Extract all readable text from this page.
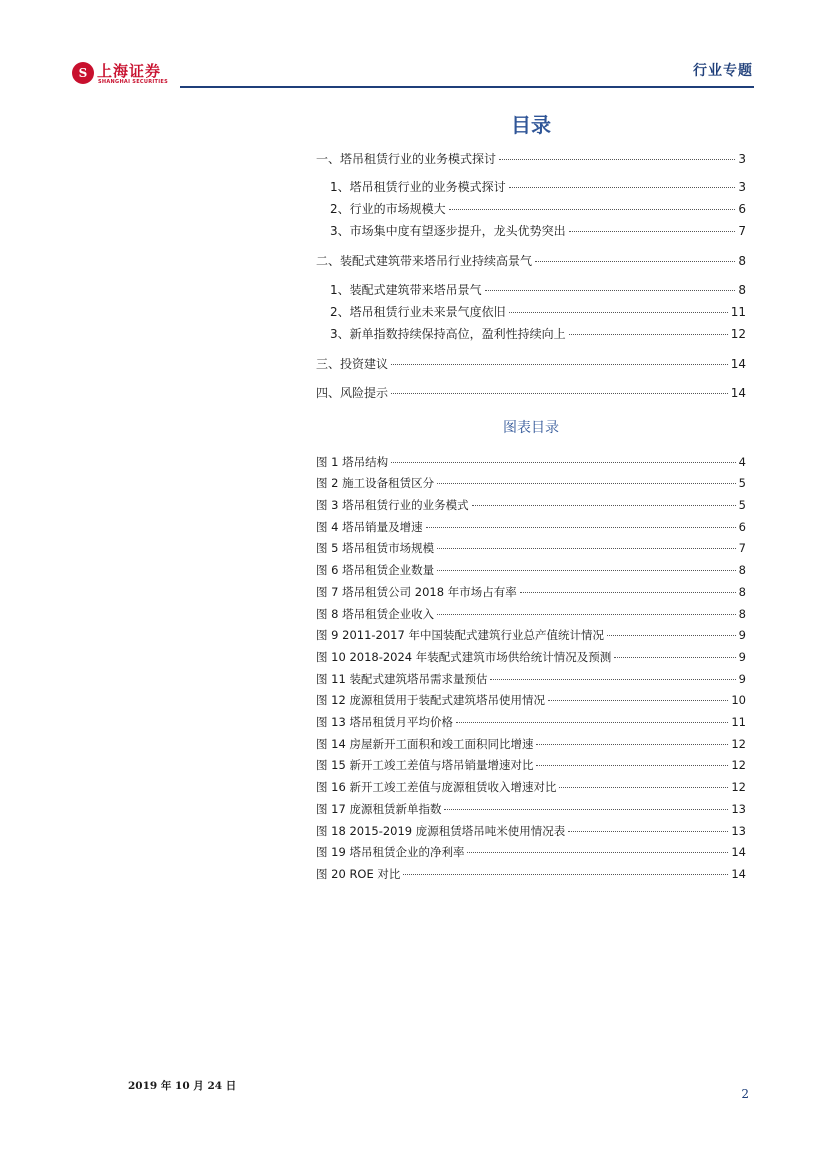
S 上海证券
SHANGHAI SECURITIES
行业专题
目录
一、塔吊租赁行业的业务模式探讨	3
1、塔吊租赁行业的业务模式探讨	3
2、行业的市场规模大	6
3、市场集中度有望逐步提升，龙头优势突出	7
二、装配式建筑带来塔吊行业持续高景气	8
1、装配式建筑带来塔吊景气	8
2、塔吊租赁行业未来景气度依旧	11
3、新单指数持续保持高位，盈利性持续向上	12
三、投资建议	14
四、风险提示	14
图表目录
图 1 塔吊结构	4
图 2 施工设备租赁区分	5
图 3 塔吊租赁行业的业务模式	5
图 4 塔吊销量及增速	6
图 5 塔吊租赁市场规模	7
图 6 塔吊租赁企业数量	8
图 7 塔吊租赁公司 2018 年市场占有率	8
图 8 塔吊租赁企业收入	8
图 9 2011-2017 年中国装配式建筑行业总产值统计情况	9
图 10 2018-2024 年装配式建筑市场供给统计情况及预测	9
图 11 装配式建筑塔吊需求量预估	9
图 12 庞源租赁用于装配式建筑塔吊使用情况	10
图 13 塔吊租赁月平均价格	11
图 14 房屋新开工面积和竣工面积同比增速	12
图 15 新开工竣工差值与塔吊销量增速对比	12
图 16 新开工竣工差值与庞源租赁收入增速对比	12
图 17 庞源租赁新单指数	13
图 18 2015-2019 庞源租赁塔吊吨米使用情况表	13
图 19 塔吊租赁企业的净利率	14
图 20 ROE 对比	14
2019 年 10 月 24 日
2
